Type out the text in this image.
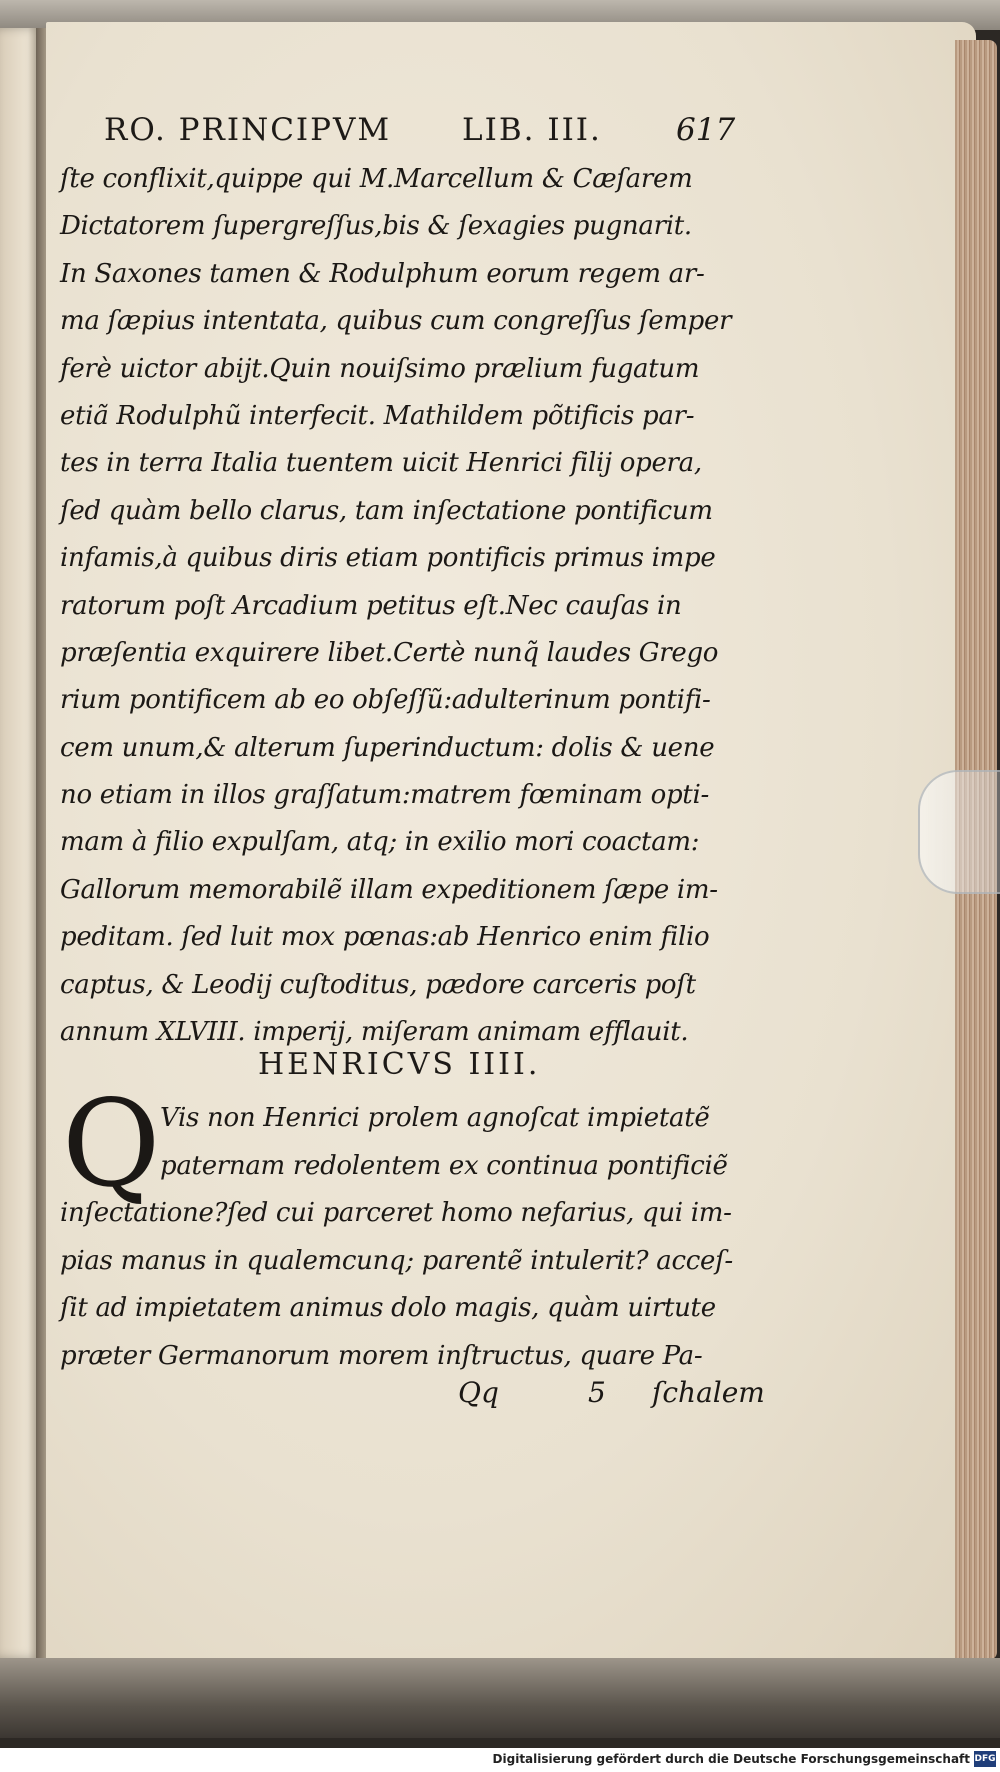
RO. PRINCIPVM LIB. III. 617
ſte conflixit,quippe qui M.Marcellum & Cæſarem
Dictatorem ſupergreſſus,bis & ſexagies pugnarit.
In Saxones tamen & Rodulphum eorum regem ar-
ma ſæpius intentata, quibus cum congreſſus ſemper
ferè uictor abijt.Quin nouiſsimo prælium fugatum
etiã Rodulphũ interfecit. Mathildem põtificis par-
tes in terra Italia tuentem uicit Henrici filij opera,
ſed quàm bello clarus, tam inſectatione pontificum
infamis,à quibus diris etiam pontificis primus impe
ratorum poſt Arcadium petitus eſt.Nec cauſas in
præſentia exquirere libet.Certè nunq̃ laudes Grego
rium pontificem ab eo obſeſſũ:adulterinum pontifi-
cem unum,& alterum ſuperinductum: dolis & uene
no etiam in illos graſſatum:matrem fœminam opti-
mam à filio expulſam, atq; in exilio mori coactam:
Gallorum memorabilẽ illam expeditionem ſæpe im-
peditam. ſed luit mox pœnas:ab Henrico enim filio
captus, & Leodij cuſtoditus, pædore carceris poſt
annum XLVIII. imperij, miſeram animam efflauit.
HENRICVS IIII.
Q Vis non Henrici prolem agnoſcat impietatẽ
paternam redolentem ex continua pontificiẽ
inſectatione?ſed cui parceret homo nefarius, qui im-
pias manus in qualemcunq; parentẽ intulerit? acceſ-
ſit ad impietatem animus dolo magis, quàm uirtute
præter Germanorum morem inſtructus, quare Pa-
Qq	5 ſchalem
Digitalisierung gefördert durch die Deutsche Forschungsgemeinschaft DFG
